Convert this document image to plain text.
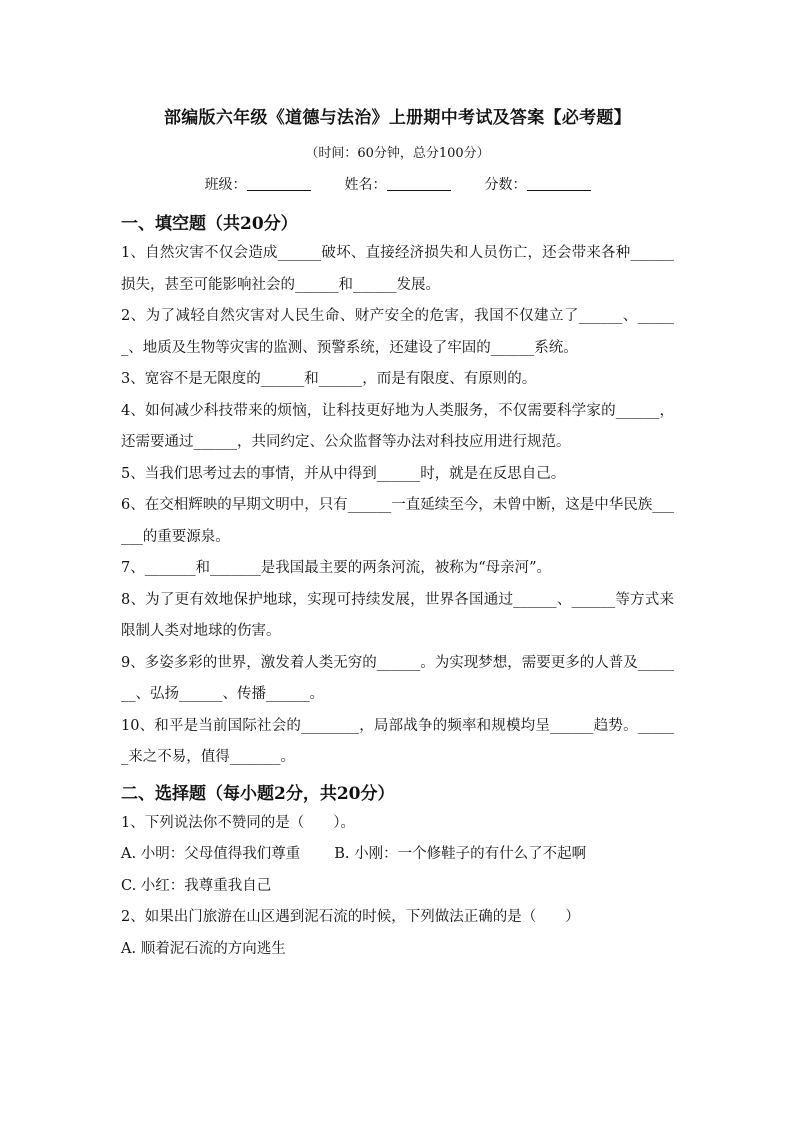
部编版六年级《道德与法治》上册期中考试及答案【必考题】
（时间：60分钟，总分100分）
班级：	姓名：	分数：
一、填空题（共20分）
1、自然灾害不仅会造成______破坏、直接经济损失和人员伤亡，还会带来各种______损失，甚至可能影响社会的______和______发展。
2、为了减轻自然灾害对人民生命、财产安全的危害，我国不仅建立了______、______、地质及生物等灾害的监测、预警系统，还建设了牢固的______系统。
3、宽容不是无限度的______和______，而是有限度、有原则的。
4、如何减少科技带来的烦恼，让科技更好地为人类服务，不仅需要科学家的______，还需要通过______，共同约定、公众监督等办法对科技应用进行规范。
5、当我们思考过去的事情，并从中得到______时，就是在反思自己。
6、在交相辉映的早期文明中，只有______一直延续至今，未曾中断，这是中华民族______的重要源泉。
7、_______和_______是我国最主要的两条河流，被称为“母亲河”。
8、为了更有效地保护地球，实现可持续发展，世界各国通过______、______等方式来限制人类对地球的伤害。
9、多姿多彩的世界，激发着人类无穷的______。为实现梦想，需要更多的人普及_______、弘扬______、传播______。
10、和平是当前国际社会的________，局部战争的频率和规模均呈______趋势。______来之不易，值得_______。
二、选择题（每小题2分，共20分）
1、下列说法你不赞同的是（　　）。
A. 小明：父母值得我们尊重 B. 小刚：一个修鞋子的有什么了不起啊
C. 小红：我尊重我自己
2、如果出门旅游在山区遇到泥石流的时候，下列做法正确的是（　　）
A. 顺着泥石流的方向逃生
